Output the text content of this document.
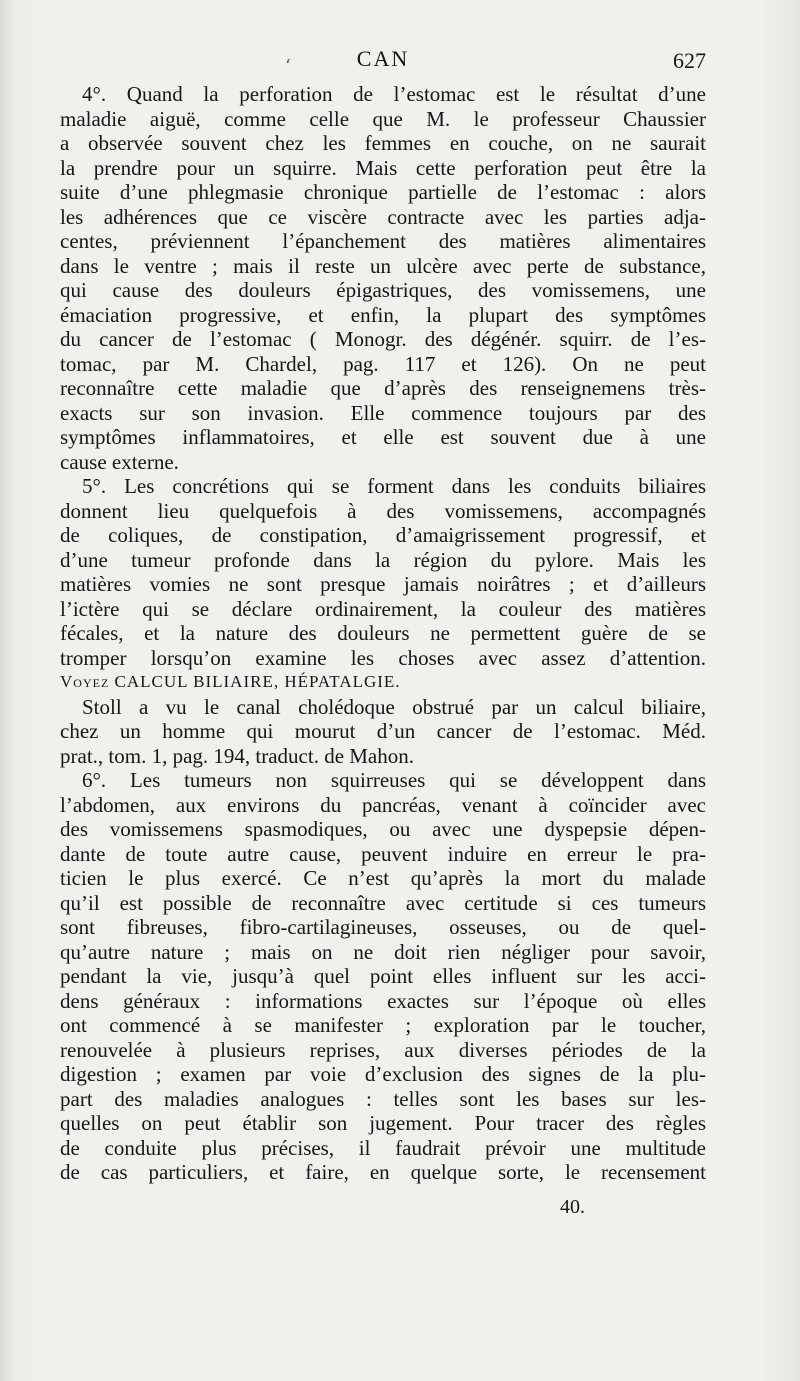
ʻ	CAN	627
4°. Quand la perforation de l’estomac est le résultat d’une
maladie aiguë, comme celle que M. le professeur Chaussier
a observée souvent chez les femmes en couche, on ne saurait
la prendre pour un squirre. Mais cette perforation peut être la
suite d’une phlegmasie chronique partielle de l’estomac : alors
les adhérences que ce viscère contracte avec les parties adja-
centes, préviennent l’épanchement des matières alimentaires
dans le ventre ; mais il reste un ulcère avec perte de substance,
qui cause des douleurs épigastriques, des vomissemens, une
émaciation progressive, et enfin, la plupart des symptômes
du cancer de l’estomac ( Monogr. des dégénér. squirr. de l’es-
tomac, par M. Chardel, pag. 117 et 126). On ne peut
reconnaître cette maladie que d’après des renseignemens très-
exacts sur son invasion. Elle commence toujours par des
symptômes inflammatoires, et elle est souvent due à une
cause externe.
5°. Les concrétions qui se forment dans les conduits biliaires
donnent lieu quelquefois à des vomissemens, accompagnés
de coliques, de constipation, d’amaigrissement progressif, et
d’une tumeur profonde dans la région du pylore. Mais les
matières vomies ne sont presque jamais noirâtres ; et d’ailleurs
l’ictère qui se déclare ordinairement, la couleur des matières
fécales, et la nature des douleurs ne permettent guère de se
tromper lorsqu’on examine les choses avec assez d’attention.
Voyez CALCUL BILIAIRE, HÉPATALGIE.
Stoll a vu le canal cholédoque obstrué par un calcul biliaire,
chez un homme qui mourut d’un cancer de l’estomac. Méd.
prat., tom. 1, pag. 194, traduct. de Mahon.
6°. Les tumeurs non squirreuses qui se développent dans
l’abdomen, aux environs du pancréas, venant à coïncider avec
des vomissemens spasmodiques, ou avec une dyspepsie dépen-
dante de toute autre cause, peuvent induire en erreur le pra-
ticien le plus exercé. Ce n’est qu’après la mort du malade
qu’il est possible de reconnaître avec certitude si ces tumeurs
sont fibreuses, fibro-cartilagineuses, osseuses, ou de quel-
qu’autre nature ; mais on ne doit rien négliger pour savoir,
pendant la vie, jusqu’à quel point elles influent sur les acci-
dens généraux : informations exactes sur l’époque où elles
ont commencé à se manifester ; exploration par le toucher,
renouvelée à plusieurs reprises, aux diverses périodes de la
digestion ; examen par voie d’exclusion des signes de la plu-
part des maladies analogues : telles sont les bases sur les-
quelles on peut établir son jugement. Pour tracer des règles
de conduite plus précises, il faudrait prévoir une multitude
de cas particuliers, et faire, en quelque sorte, le recensement
40.
